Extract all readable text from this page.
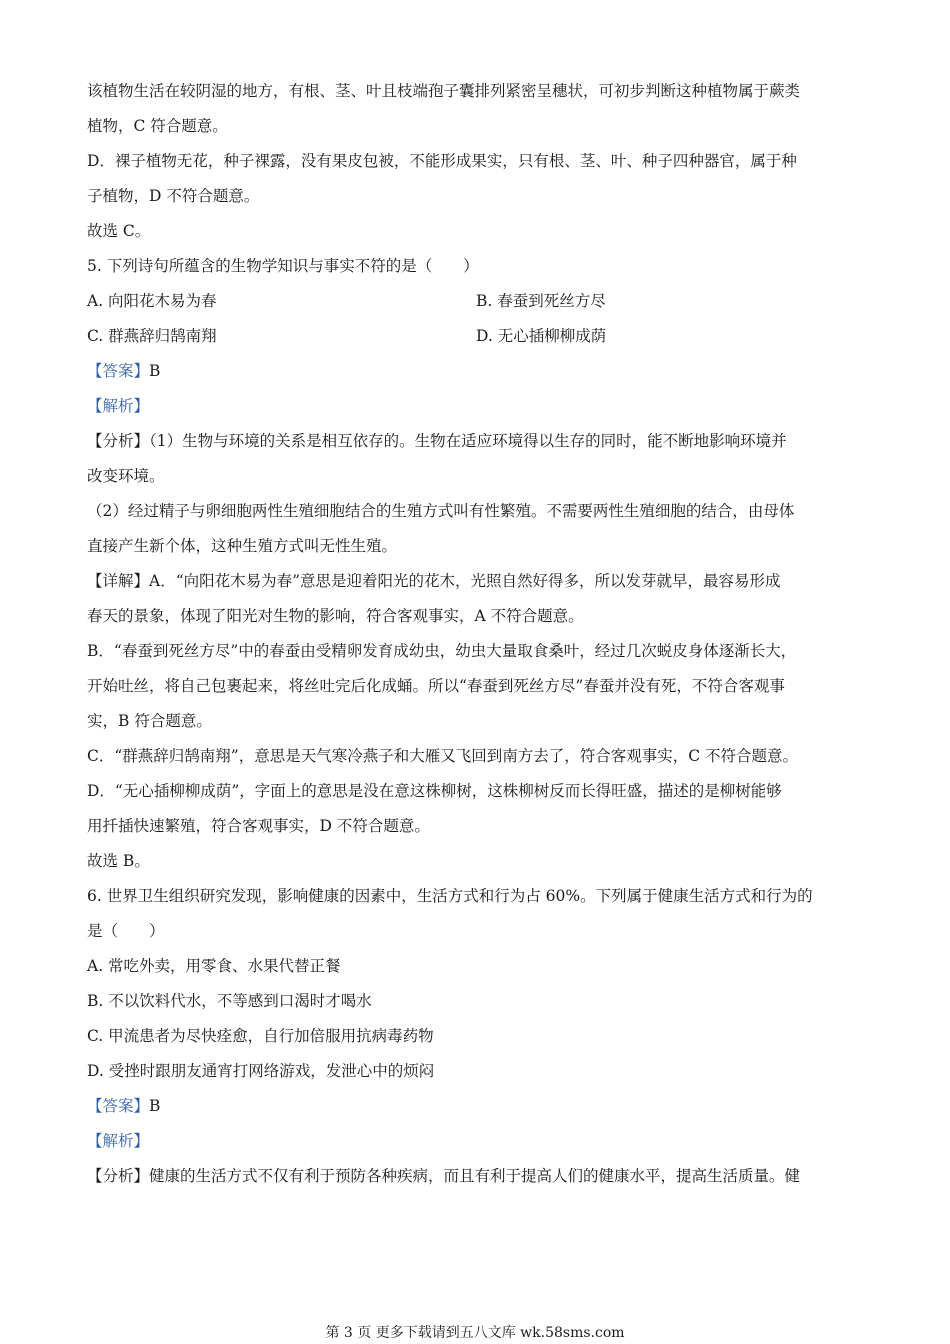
该植物生活在较阴湿的地方，有根、茎、叶且枝端孢子囊排列紧密呈穗状，可初步判断这种植物属于蕨类

植物，C 符合题意。

D．裸子植物无花，种子裸露，没有果皮包被，不能形成果实，只有根、茎、叶、种子四种器官，属于种

子植物，D 不符合题意。

故选 C。

5. 下列诗句所蕴含的生物学知识与事实不符的是（　　）

A. 向阳花木易为春	B. 春蚕到死丝方尽
C. 群燕辞归鹄南翔	D. 无心插柳柳成荫

【答案】B

【解析】

【分析】（1）生物与环境的关系是相互依存的。生物在适应环境得以生存的同时，能不断地影响环境并

改变环境。

（2）经过精子与卵细胞两性生殖细胞结合的生殖方式叫有性繁殖。不需要两性生殖细胞的结合，由母体

直接产生新个体，这种生殖方式叫无性生殖。

【详解】A．“向阳花木易为春”意思是迎着阳光的花木，光照自然好得多，所以发芽就早，最容易形成

春天的景象，体现了阳光对生物的影响，符合客观事实，A 不符合题意。

B．“春蚕到死丝方尽”中的春蚕由受精卵发育成幼虫，幼虫大量取食桑叶，经过几次蜕皮身体逐渐长大，

开始吐丝，将自己包裹起来，将丝吐完后化成蛹。所以“春蚕到死丝方尽”春蚕并没有死，不符合客观事

实，B 符合题意。

C．“群燕辞归鹄南翔”，意思是天气寒冷燕子和大雁又飞回到南方去了，符合客观事实，C 不符合题意。

D．“无心插柳柳成荫”，字面上的意思是没在意这株柳树，这株柳树反而长得旺盛，描述的是柳树能够

用扦插快速繁殖，符合客观事实，D 不符合题意。

故选 B。

6. 世界卫生组织研究发现，影响健康的因素中，生活方式和行为占 60%。下列属于健康生活方式和行为的

是（　　）

A. 常吃外卖，用零食、水果代替正餐

B. 不以饮料代水，不等感到口渴时才喝水

C. 甲流患者为尽快痊愈，自行加倍服用抗病毒药物

D. 受挫时跟朋友通宵打网络游戏，发泄心中的烦闷

【答案】B

【解析】

【分析】健康的生活方式不仅有利于预防各种疾病，而且有利于提高人们的健康水平，提高生活质量。健

第 3 页 更多下载请到五八文库 wk.58sms.com
